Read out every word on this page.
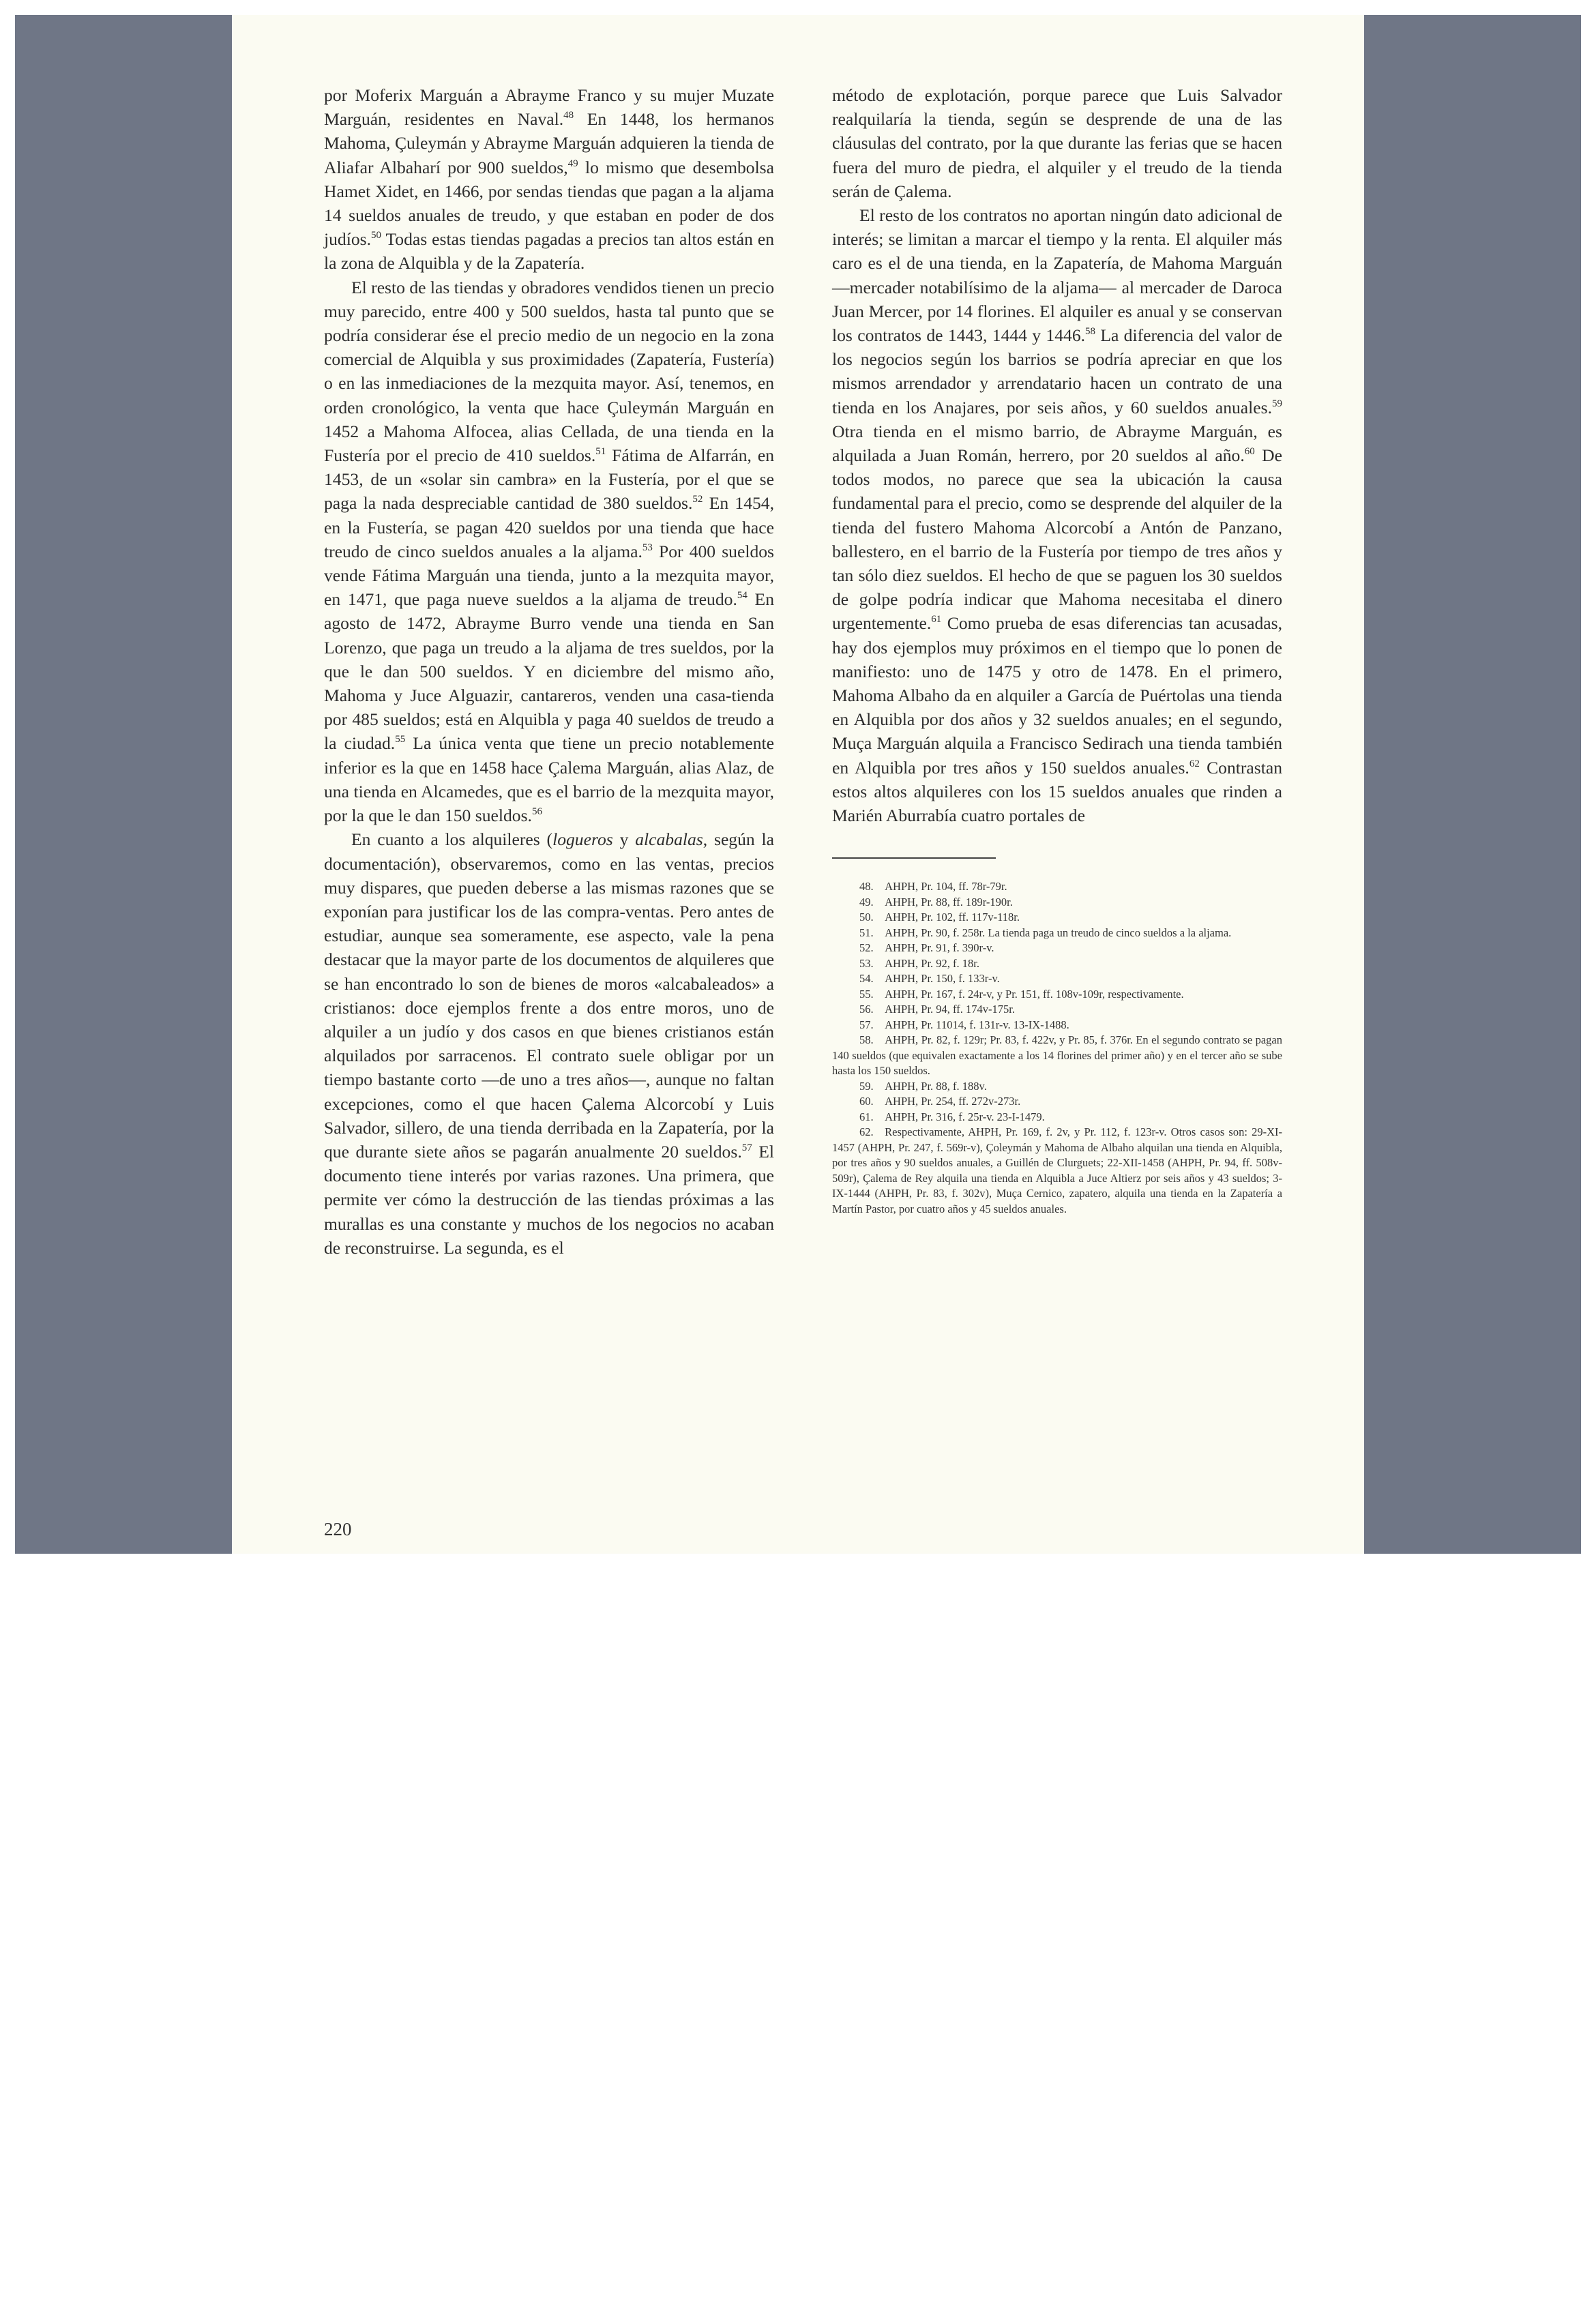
por Moferix Marguán a Abrayme Franco y su mujer Muzate Marguán, residentes en Naval.$^{48}$ En 1448, los hermanos Mahoma, Çuleymán y Abrayme Marguán adquieren la tienda de Aliafar Albaharí por 900 sueldos,$^{49}$ lo mismo que desembolsa Hamet Xidet, en 1466, por sendas tiendas que pagan a la aljama 14 sueldos anuales de treudo, y que estaban en poder de dos judíos.$^{50}$ Todas estas tiendas pagadas a precios tan altos están en la zona de Alquibla y de la Zapatería.

El resto de las tiendas y obradores vendidos tienen un precio muy parecido, entre 400 y 500 sueldos, hasta tal punto que se podría considerar ése el precio medio de un negocio en la zona comercial de Alquibla y sus proximidades (Zapatería, Fustería) o en las inmediaciones de la mezquita mayor. Así, tenemos, en orden cronológico, la venta que hace Çuleymán Marguán en 1452 a Mahoma Alfocea, alias Cellada, de una tienda en la Fustería por el precio de 410 sueldos.$^{51}$ Fátima de Alfarrán, en 1453, de un «solar sin cambra» en la Fustería, por el que se paga la nada despreciable cantidad de 380 sueldos.$^{52}$ En 1454, en la Fustería, se pagan 420 sueldos por una tienda que hace treudo de cinco sueldos anuales a la aljama.$^{53}$ Por 400 sueldos vende Fátima Marguán una tienda, junto a la mezquita mayor, en 1471, que paga nueve sueldos a la aljama de treudo.$^{54}$ En agosto de 1472, Abrayme Burro vende una tienda en San Lorenzo, que paga un treudo a la aljama de tres sueldos, por la que le dan 500 sueldos. Y en diciembre del mismo año, Mahoma y Juce Alguazir, cantareros, venden una casa-tienda por 485 sueldos; está en Alquibla y paga 40 sueldos de treudo a la ciudad.$^{55}$ La única venta que tiene un precio notablemente inferior es la que en 1458 hace Çalema Marguán, alias Alaz, de una tienda en Alcamedes, que es el barrio de la mezquita mayor, por la que le dan 150 sueldos.$^{56}$

En cuanto a los alquileres (logueros y alcabalas, según la documentación), observaremos, como en las ventas, precios muy dispares, que pueden deberse a las mismas razones que se exponían para justificar los de las compra-ventas. Pero antes de estudiar, aunque sea someramente, ese aspecto, vale la pena destacar que la mayor parte de los documentos de alquileres que se han encontrado lo son de bienes de moros «alcabaleados» a cristianos: doce ejemplos frente a dos entre moros, uno de alquiler a un judío y dos casos en que bienes cristianos están alquilados por sarracenos. El contrato suele obligar por un tiempo bastante corto —de uno a tres años—, aunque no faltan excepciones, como el que hacen Çalema Alcorcobí y Luis Salvador, sillero, de una tienda derribada en la Zapatería, por la que durante siete años se pagarán anualmente 20 sueldos.$^{57}$ El documento tiene interés por varias razones. Una primera, que permite ver cómo la destrucción de las tiendas próximas a las murallas es una constante y muchos de los negocios no acaban de reconstruirse. La segunda, es el

método de explotación, porque parece que Luis Salvador realquilaría la tienda, según se desprende de una de las cláusulas del contrato, por la que durante las ferias que se hacen fuera del muro de piedra, el alquiler y el treudo de la tienda serán de Çalema.

El resto de los contratos no aportan ningún dato adicional de interés; se limitan a marcar el tiempo y la renta. El alquiler más caro es el de una tienda, en la Zapatería, de Mahoma Marguán —mercader notabilísimo de la aljama— al mercader de Daroca Juan Mercer, por 14 florines. El alquiler es anual y se conservan los contratos de 1443, 1444 y 1446.58 La diferencia del valor de los negocios según los barrios se podría apreciar en que los mismos arrendador y arrendatario hacen un contrato de una tienda en los Anajares, por seis años, y 60 sueldos anuales.$^{59}$ Otra tienda en el mismo barrio, de Abrayme Marguán, es alquilada a Juan Román, herrero, por 20 sueldos al año.$^{60}$ De todos modos, no parece que sea la ubicación la causa fundamental para el precio, como se desprende del alquiler de la tienda del fustero Mahoma Alcorcobí a Antón de Panzano, ballestero, en el barrio de la Fustería por tiempo de tres años y tan sólo diez sueldos. El hecho de que se paguen los 30 sueldos de golpe podría indicar que Mahoma necesitaba el dinero urgentemente.$^{61}$ Como prueba de esas diferencias tan acusadas, hay dos ejemplos muy próximos en el tiempo que lo ponen de manifiesto: uno de 1475 y otro de 1478. En el primero, Mahoma Albaho da en alquiler a García de Puértolas una tienda en Alquibla por dos años y 32 sueldos anuales; en el segundo, Muça Marguán alquila a Francisco Sedirach una tienda también en Alquibla por tres años y 150 sueldos anuales.$^{62}$ Contrastan estos altos alquileres con los 15 sueldos anuales que rinden a Marién Aburrabía cuatro portales de

48. AHPH, Pr. 104, ff. 78r-79r.

49. AHPH, Pr. 88, ff. 189r-190r.

50. AHPH, Pr. 102, ff. 117v-118r.

51. AHPH, Pr. 90, f. 258r. La tienda paga un treudo de cinco sueldos a la aljama.

52. AHPH, Pr. 91, f. 390r-v.

53. AHPH, Pr. 92, f. 18r.

54. AHPH, Pr. 150, f. 133r-v.

55. AHPH, Pr. 167, f. 24r-v, y Pr. 151, ff. 108v-109r, respectivamente.

56. AHPH, Pr. 94, ff. 174v-175r.

57. AHPH, Pr. 11014, f. 131r-v. 13-IX-1488.

58. AHPH, Pr. 82, f. 129r; Pr. 83, f. 422v, y Pr. 85, f. 376r. En el segundo contrato se pagan 140 sueldos (que equivalen exactamente a los 14 florines del primer año) y en el tercer año se sube hasta los 150 sueldos.

59. AHPH, Pr. 88, f. 188v.

60. AHPH, Pr. 254, ff. 272v-273r.

61. AHPH, Pr. 316, f. 25r-v. 23-I-1479.

62. Respectivamente, AHPH, Pr. 169, f. 2v, y Pr. 112, f. 123r-v. Otros casos son: 29-XI-1457 (AHPH, Pr. 247, f. 569r-v), Çoleymán y Mahoma de Albaho alquilan una tienda en Alquibla, por tres años y 90 sueldos anuales, a Guillén de Clurguets; 22-XII-1458 (AHPH, Pr. 94, ff. 508v-509r), Çalema de Rey alquila una tienda en Alquibla a Juce Altierz por seis años y 43 sueldos; 3-IX-1444 (AHPH, Pr. 83, f. 302v), Muça Cernico, zapatero, alquila una tienda en la Zapatería a Martín Pastor, por cuatro años y 45 sueldos anuales.

220
